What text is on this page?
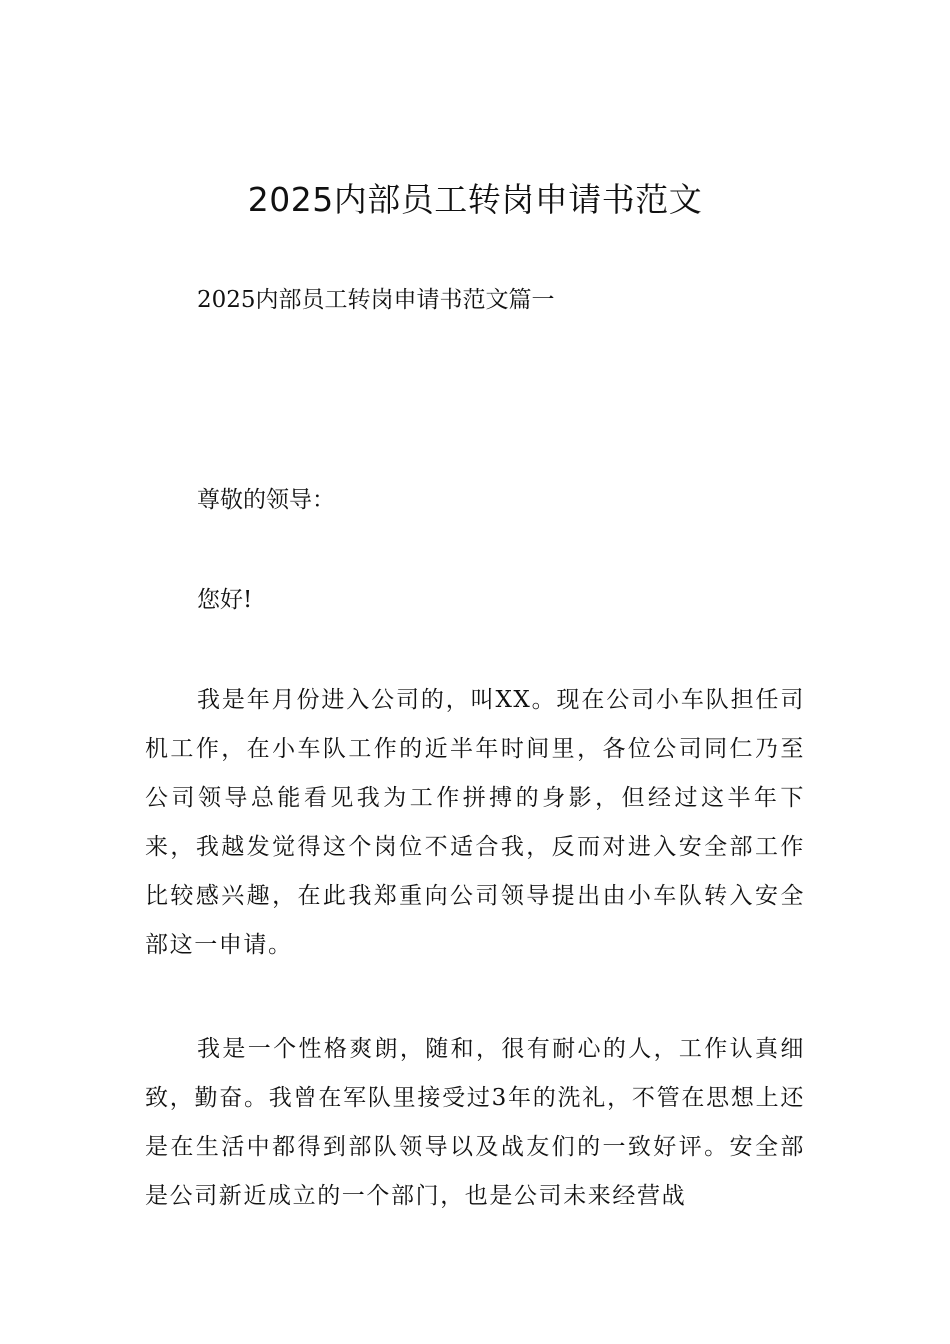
2025内部员工转岗申请书范文

2025内部员工转岗申请书范文篇一

尊敬的领导：

您好!

我是年月份进入公司的，叫XX。现在公司小车队担任司机工作，在小车队工作的近半年时间里，各位公司同仁乃至公司领导总能看见我为工作拼搏的身影，但经过这半年下来，我越发觉得这个岗位不适合我，反而对进入安全部工作比较感兴趣，在此我郑重向公司领导提出由小车队转入安全部这一申请。

我是一个性格爽朗，随和，很有耐心的人，工作认真细致，勤奋。我曾在军队里接受过3年的洗礼，不管在思想上还是在生活中都得到部队领导以及战友们的一致好评。安全部是公司新近成立的一个部门，也是公司未来经营战
